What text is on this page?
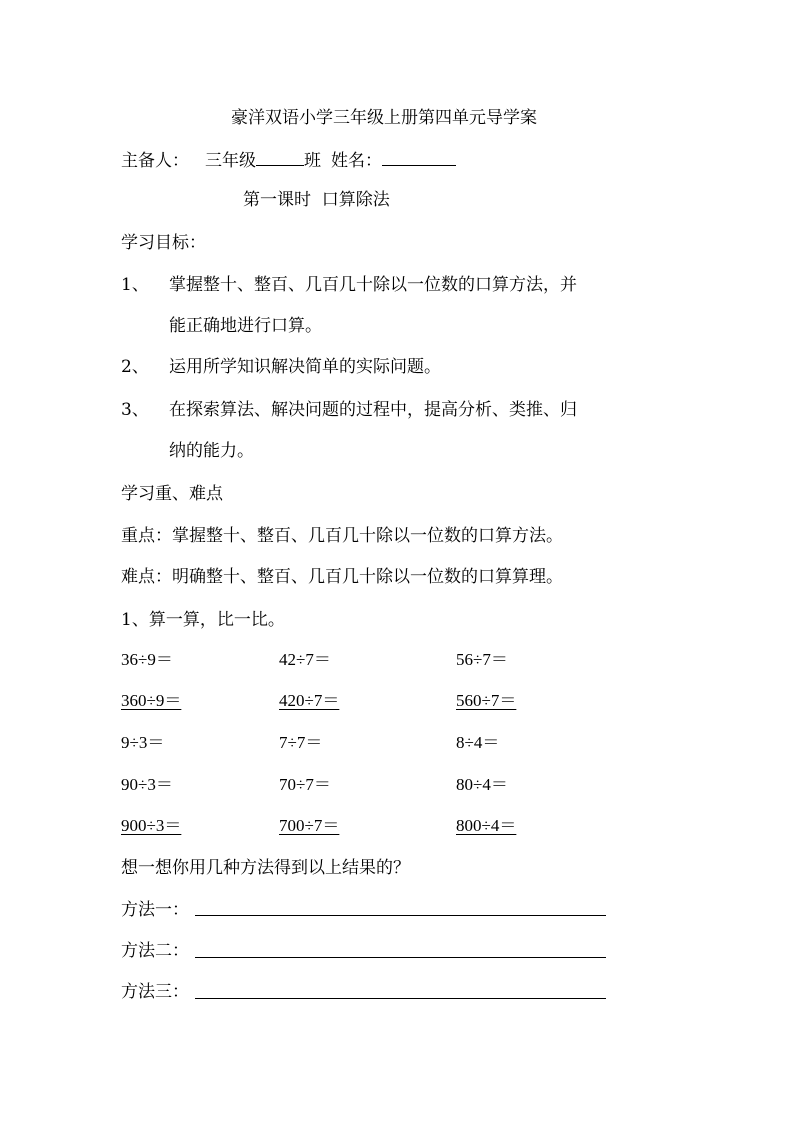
豪洋双语小学三年级上册第四单元导学案
主备人： 三年级	班 姓名：
第一课时  口算除法
学习目标：
1、 掌握整十、整百、几百几十除以一位数的口算方法，并
能正确地进行口算。
2、 运用所学知识解决简单的实际问题。
3、 在探索算法、解决问题的过程中，提高分析、类推、归
纳的能力。
学习重、难点
重点：掌握整十、整百、几百几十除以一位数的口算方法。
难点：明确整十、整百、几百几十除以一位数的口算算理。
1、算一算，比一比。
36÷9＝	42÷7＝	56÷7＝
360÷9＝	420÷7＝	560÷7＝
9÷3＝	7÷7＝	8÷4＝
90÷3＝	70÷7＝	80÷4＝
900÷3＝	700÷7＝	800÷4＝
想一想你用几种方法得到以上结果的？
方法一：
方法二：
方法三：
